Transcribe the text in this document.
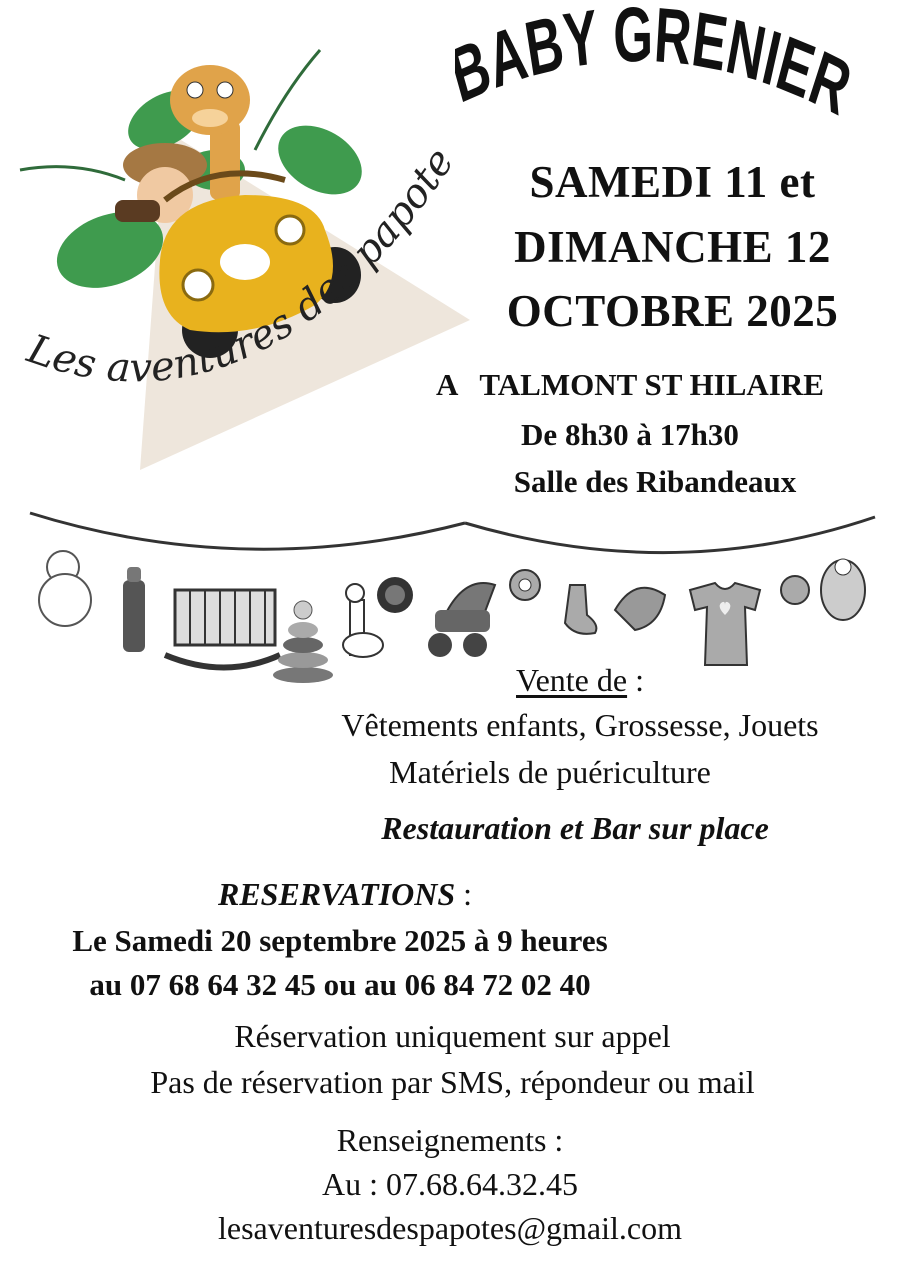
ABY GRENIE
Les aventures des papote	SAMEDI 11 et
DIMANCHE 12
OCTOBRE 2025
A   TALMONT ST HILAIRE
De 8h30 à 17h30
Salle des Ribandeaux
Vente de :
Vêtements enfants, Grossesse, Jouets
Matériels de puériculture
Restauration et Bar sur place
RESERVATIONS :
Le Samedi 20 septembre 2025 à 9 heures
au 07 68 64 32 45 ou au 06 84 72 02 40
Réservation uniquement sur appel
Pas de réservation par SMS, répondeur ou mail
Renseignements :
Au : 07.68.64.32.45
lesaventuresdespapotes@gmail.com
